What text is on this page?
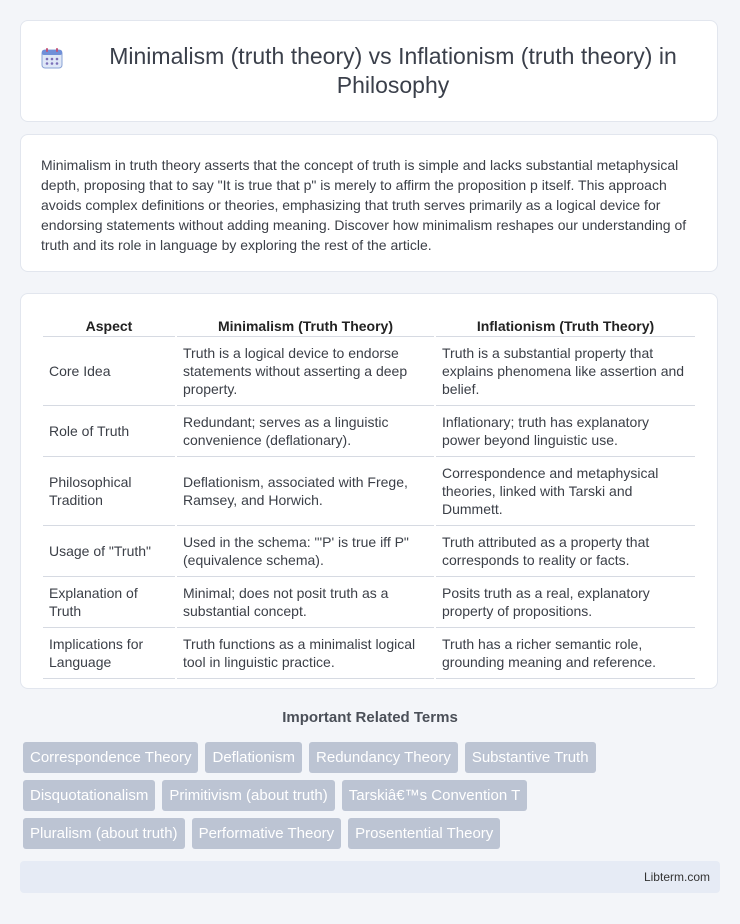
Minimalism (truth theory) vs Inflationism (truth theory) in Philosophy

Minimalism in truth theory asserts that the concept of truth is simple and lacks substantial metaphysical depth, proposing that to say "It is true that p" is merely to affirm the proposition p itself. This approach avoids complex definitions or theories, emphasizing that truth serves primarily as a logical device for endorsing statements without adding meaning. Discover how minimalism reshapes our understanding of truth and its role in language by exploring the rest of the article.

Aspect	Minimalism (Truth Theory)	Inflationism (Truth Theory)
Core Idea	Truth is a logical device to endorse statements without asserting a deep property.	Truth is a substantial property that explains phenomena like assertion and belief.
Role of Truth	Redundant; serves as a linguistic convenience (deflationary).	Inflationary; truth has explanatory power beyond linguistic use.
Philosophical Tradition	Deflationism, associated with Frege, Ramsey, and Horwich.	Correspondence and metaphysical theories, linked with Tarski and Dummett.
Usage of "Truth"	Used in the schema: "'P' is true iff P" (equivalence schema).	Truth attributed as a property that corresponds to reality or facts.
Explanation of Truth	Minimal; does not posit truth as a substantial concept.	Posits truth as a real, explanatory property of propositions.
Implications for Language	Truth functions as a minimalist logical tool in linguistic practice.	Truth has a richer semantic role, grounding meaning and reference.
Important Related Terms
Correspondence Theory	Deflationism	Redundancy Theory	Substantive Truth
Disquotationalism	Primitivism (about truth)	Tarskiâ€™s Convention T
Pluralism (about truth)	Performative Theory	Prosentential Theory
Libterm.com
